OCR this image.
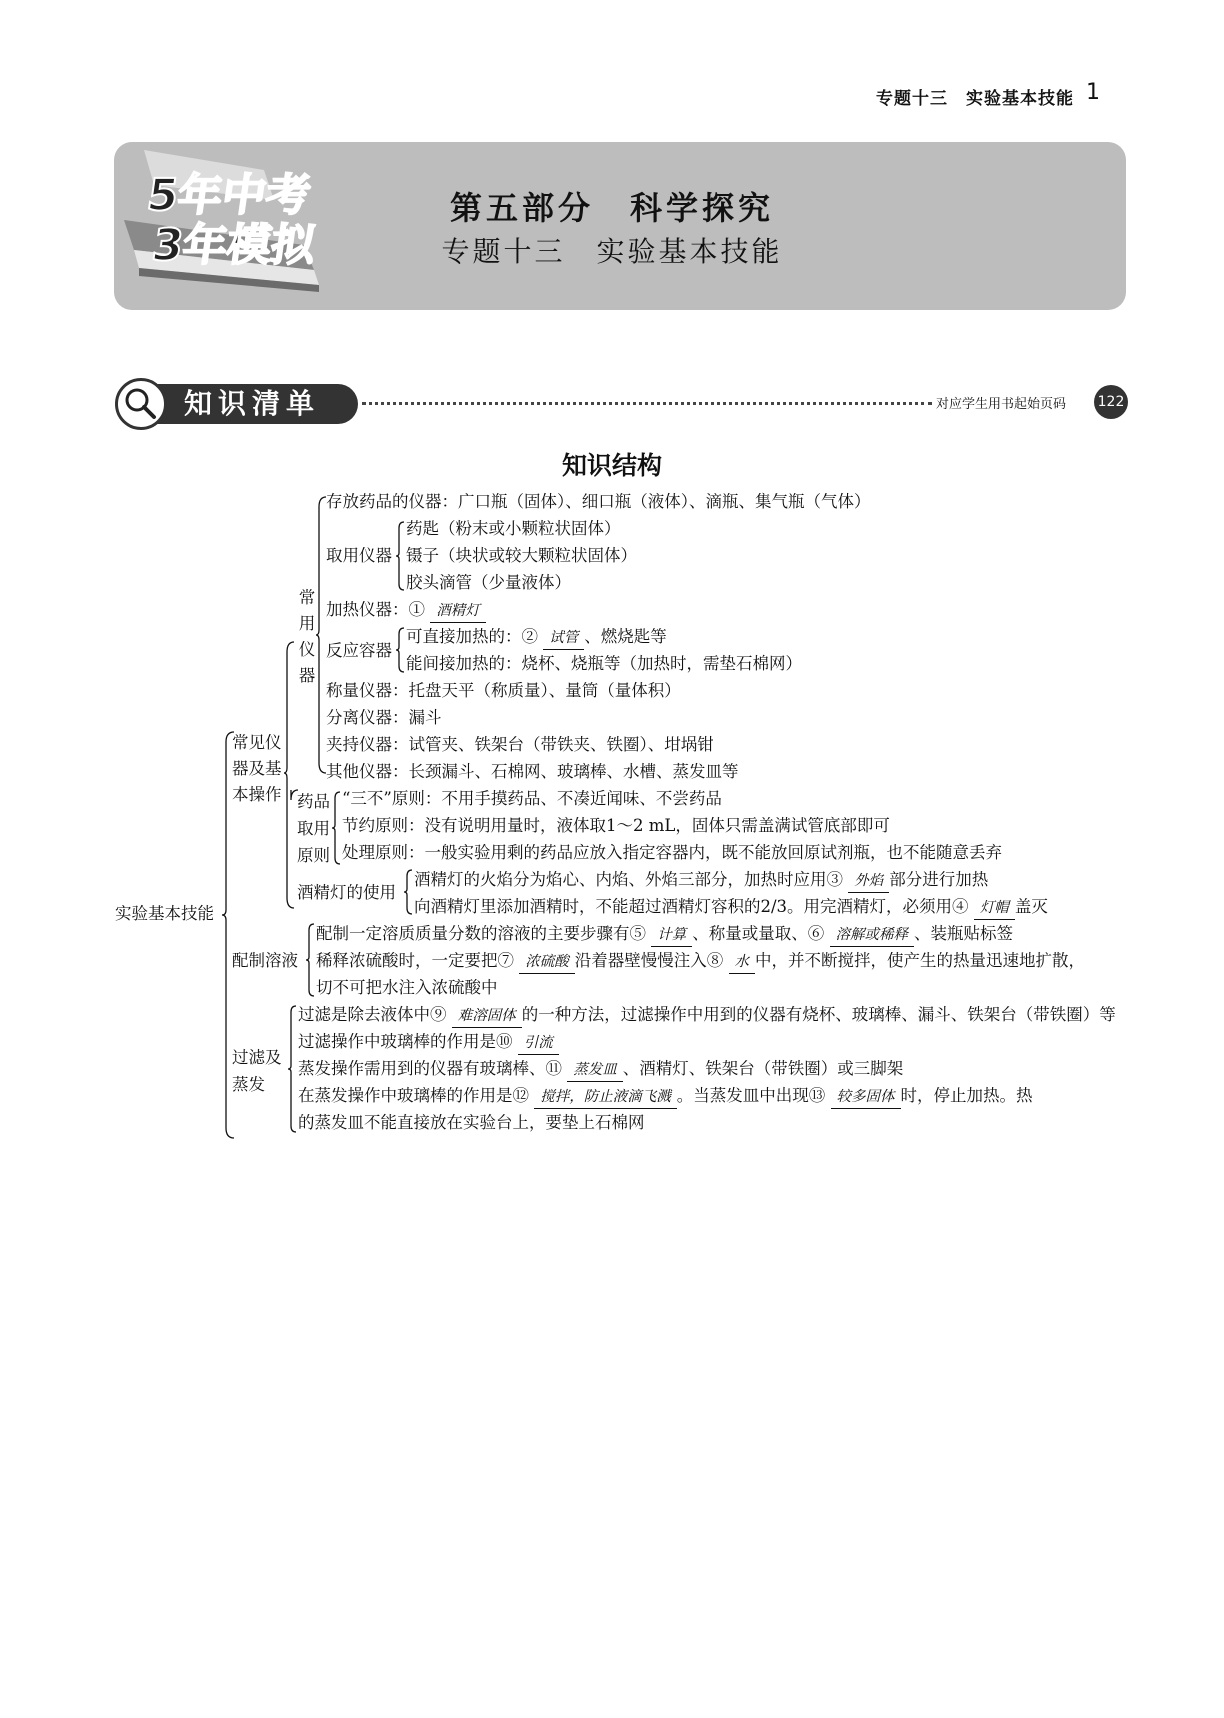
专题十三　实验基本技能 1
5年中考
3年模拟
第五部分　科学探究
专题十三　实验基本技能
知识清单	对应学生用书起始页码 122
知识结构
实验基本技能
常见仪
器及基
本操作
常
用
仪
器
存放药品的仪器：广口瓶（固体）、细口瓶（液体）、滴瓶、集气瓶（气体）
取用仪器
药匙（粉末或小颗粒状固体）
镊子（块状或较大颗粒状固体）
胶头滴管（少量液体）
加热仪器：① 酒精灯
反应容器
可直接加热的：② 试管 、燃烧匙等
能间接加热的：烧杯、烧瓶等（加热时，需垫石棉网）
称量仪器：托盘天平（称质量）、量筒（量体积）
分离仪器：漏斗
夹持仪器：试管夹、铁架台（带铁夹、铁圈）、坩埚钳
其他仪器：长颈漏斗、石棉网、玻璃棒、水槽、蒸发皿等
药品
取用
原则
“三不”原则：不用手摸药品、不凑近闻味、不尝药品
节约原则：没有说明用量时，液体取1～2 mL，固体只需盖满试管底部即可
处理原则：一般实验用剩的药品应放入指定容器内，既不能放回原试剂瓶，也不能随意丢弃
酒精灯的使用
酒精灯的火焰分为焰心、内焰、外焰三部分，加热时应用③ 外焰 部分进行加热
向酒精灯里添加酒精时，不能超过酒精灯容积的2/3。用完酒精灯，必须用④ 灯帽 盖灭
配制溶液
配制一定溶质质量分数的溶液的主要步骤有⑤ 计算 、称量或量取、⑥ 溶解或稀释 、装瓶贴标签
稀释浓硫酸时，一定要把⑦ 浓硫酸 沿着器壁慢慢注入⑧ 水 中，并不断搅拌，使产生的热量迅速地扩散，
切不可把水注入浓硫酸中
过滤及
蒸发
过滤是除去液体中⑨ 难溶固体 的一种方法，过滤操作中用到的仪器有烧杯、玻璃棒、漏斗、铁架台（带铁圈）等
过滤操作中玻璃棒的作用是⑩ 引流
蒸发操作需用到的仪器有玻璃棒、⑪ 蒸发皿 、酒精灯、铁架台（带铁圈）或三脚架
在蒸发操作中玻璃棒的作用是⑫ 搅拌，防止液滴飞溅 。当蒸发皿中出现⑬ 较多固体 时，停止加热。热
的蒸发皿不能直接放在实验台上，要垫上石棉网
